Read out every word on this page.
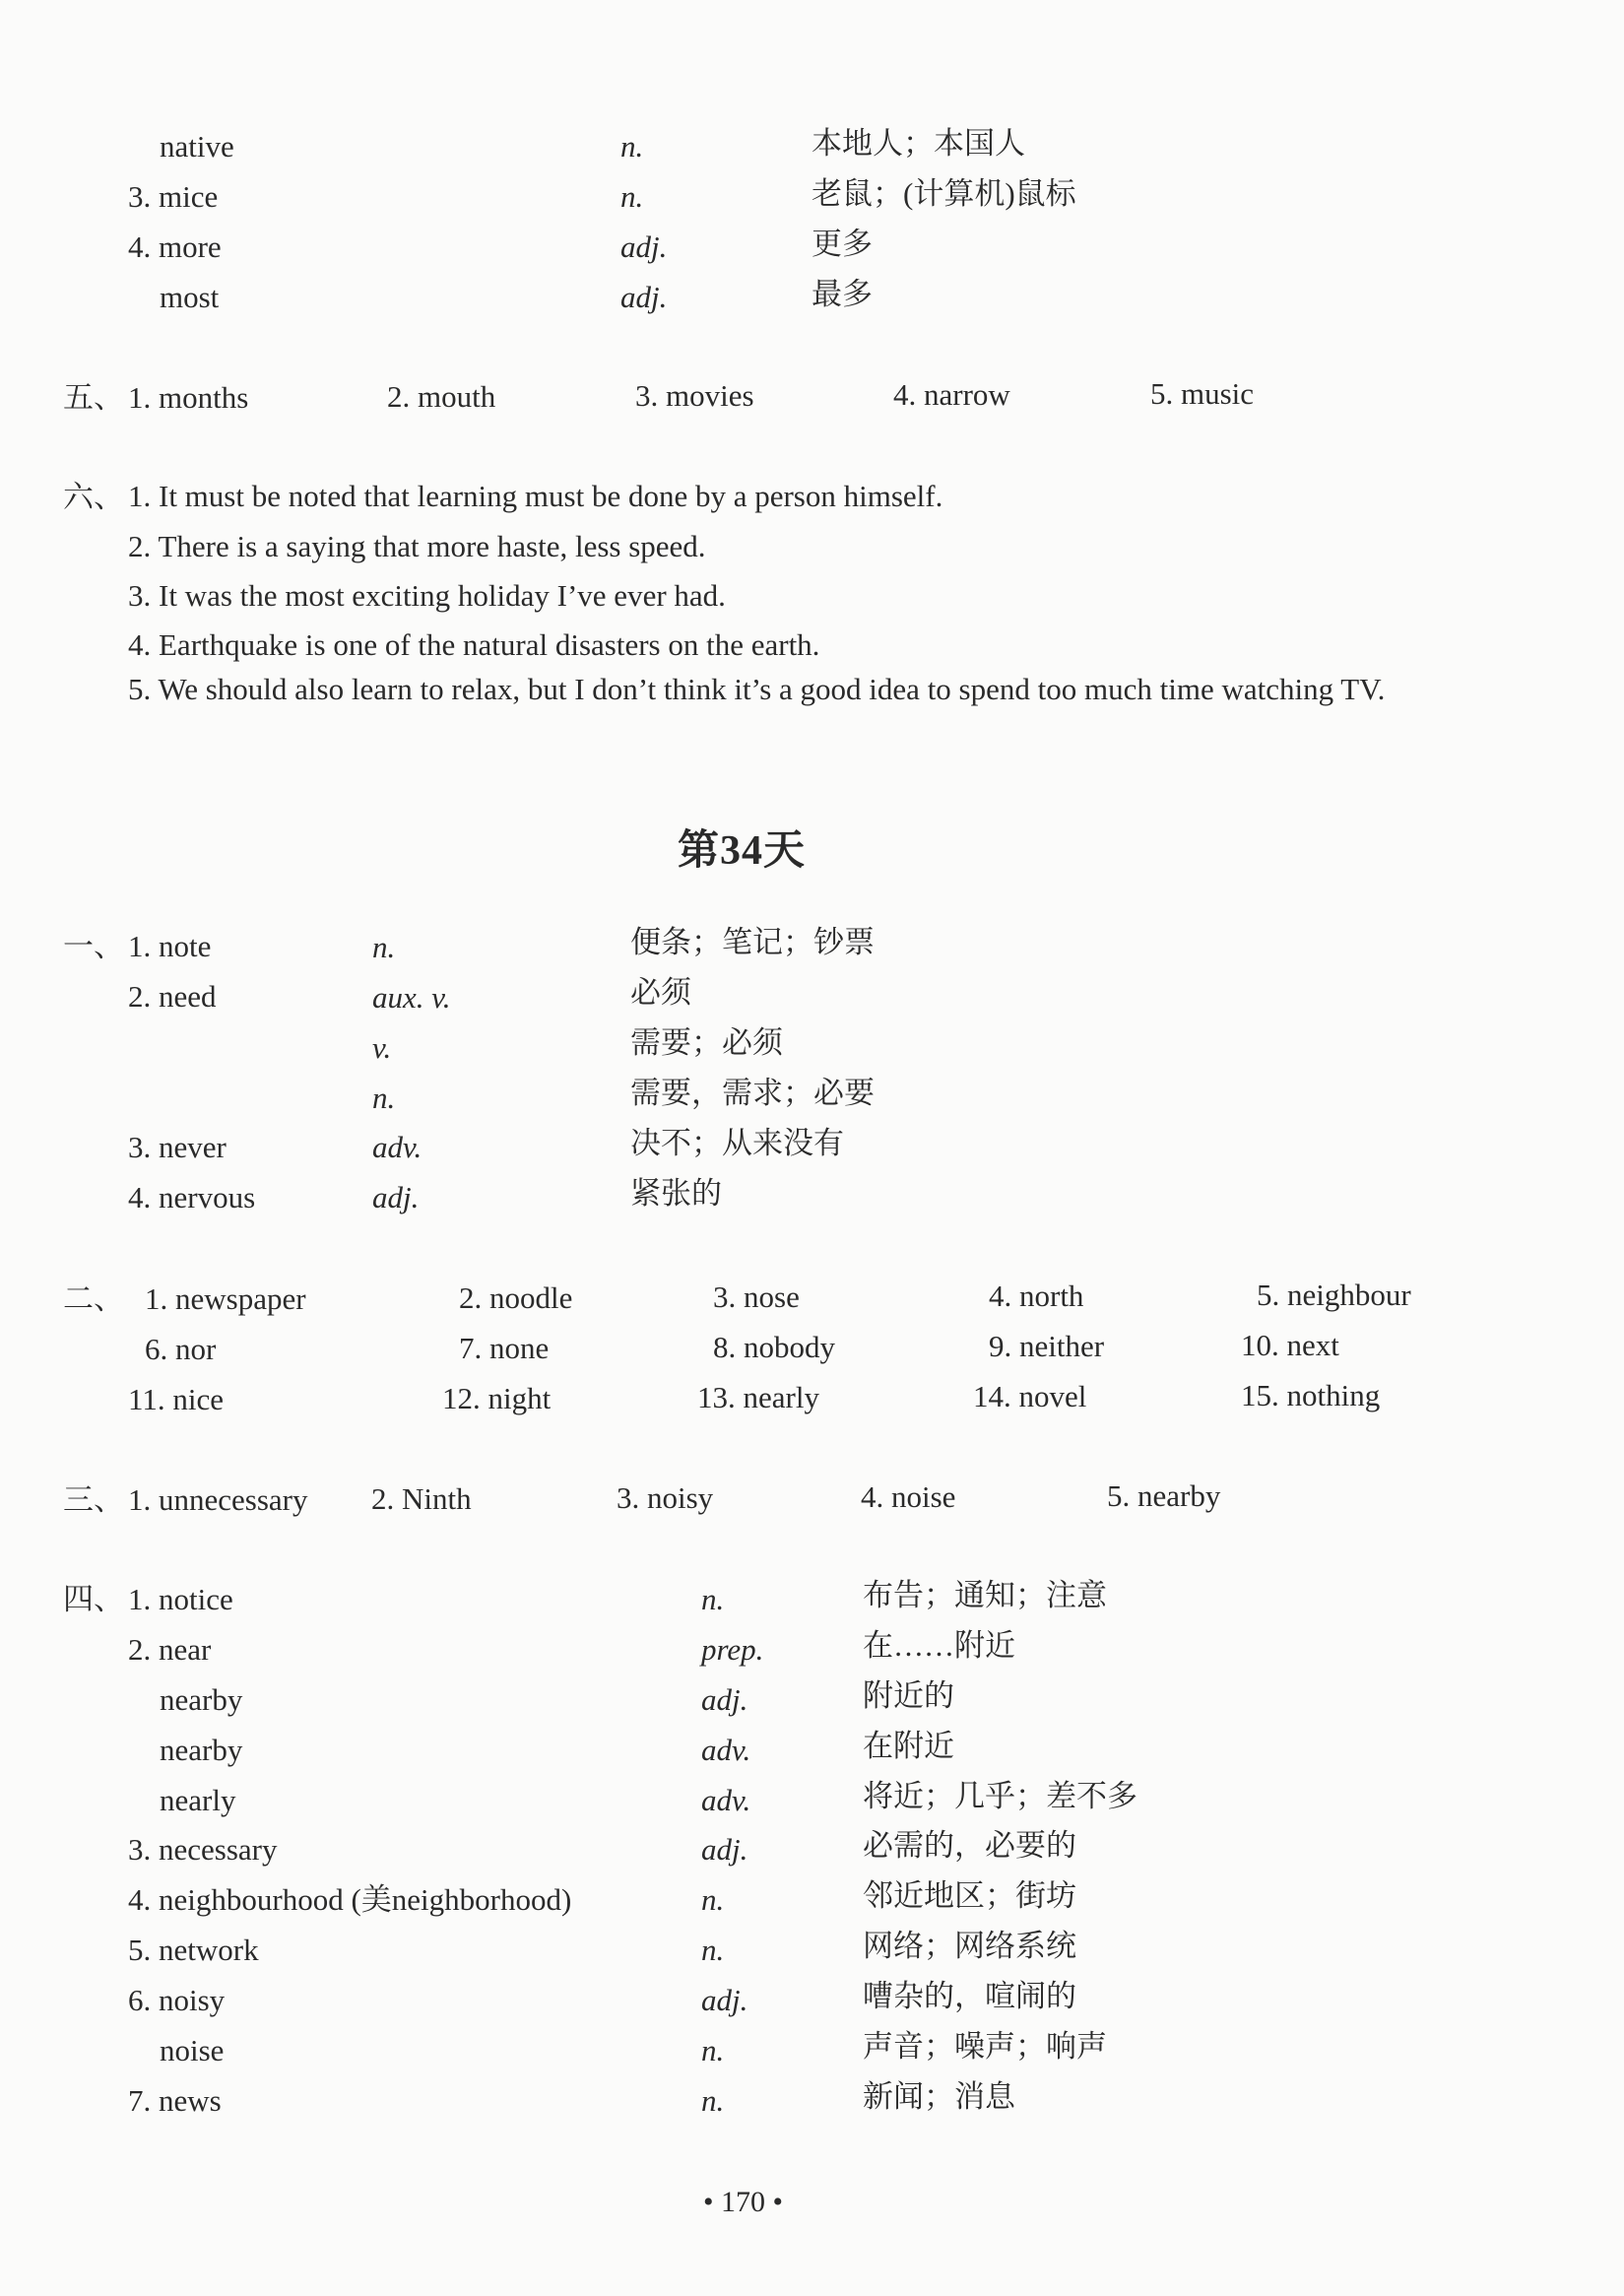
native	n.	本地人；本国人
3. mice	n.	老鼠；(计算机)鼠标
4. more	adj.	更多
most	adj.	最多
五、 1. months	2. mouth	3. movies	4. narrow	5. music
六、 1. It must be noted that learning must be done by a person himself.
2. There is a saying that more haste, less speed.
3. It was the most exciting holiday I’ve ever had.
4. Earthquake is one of the natural disasters on the earth.
5. We should also learn to relax, but I don’t think it’s a good idea to spend too much time watching TV.
第34天
一、 1. note	n.	便条；笔记；钞票
2. need	aux. v.	必须
v.	需要；必须
n.	需要，需求；必要
3. never	adv.	决不；从来没有
4. nervous	adj.	紧张的
二、 1. newspaper	2. noodle	3. nose	4. north	5. neighbour
6. nor	7. none	8. nobody	9. neither	10. next
11. nice	12. night	13. nearly	14. novel	15. nothing
三、 1. unnecessary 2. Ninth	3. noisy	4. noise	5. nearby
四、 1. notice	n.	布告；通知；注意
2. near	prep.	在……附近
nearby	adj.	附近的
nearby	adv.	在附近
nearly	adv.	将近；几乎；差不多
3. necessary	adj.	必需的，必要的
4. neighbourhood (美neighborhood)	n.	邻近地区；街坊
5. network	n.	网络；网络系统
6. noisy	adj.	嘈杂的，喧闹的
noise	n.	声音；噪声；响声
7. news	n.	新闻；消息
• 170 •
